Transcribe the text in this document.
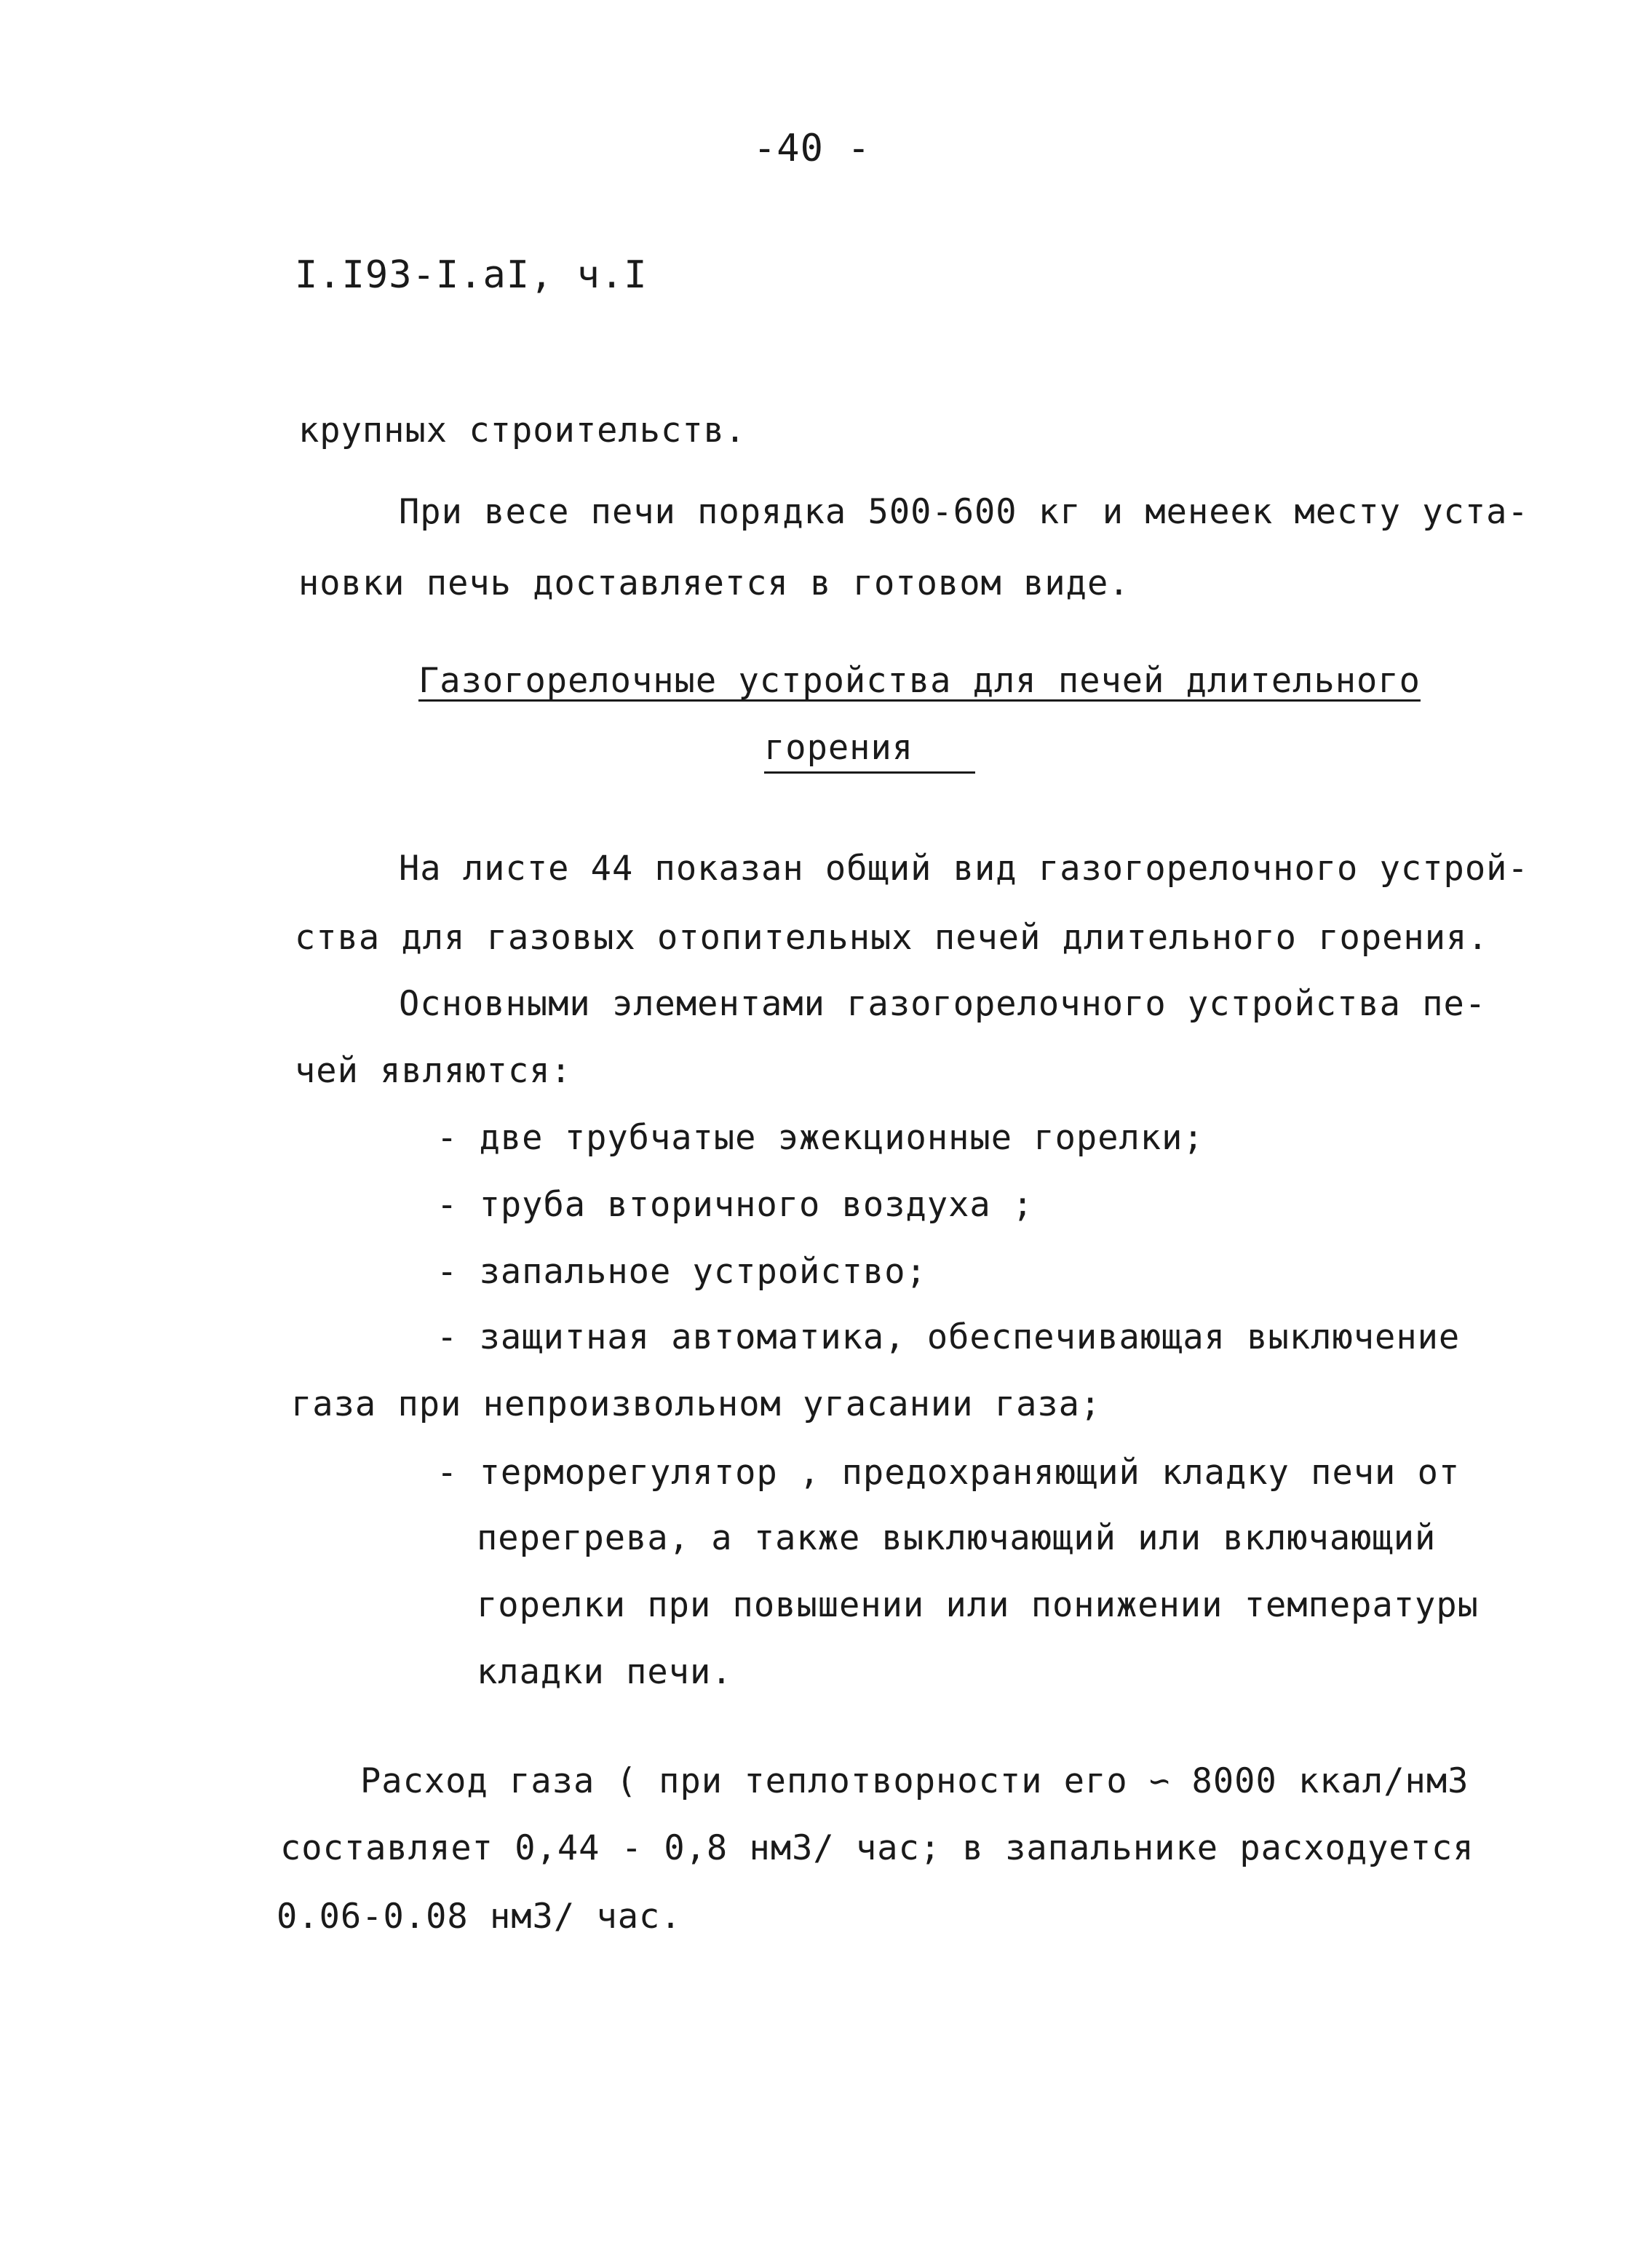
-40 -
I.I93-I.aI, ч.I
крупных строительств.
При весе печи порядка 500-600 кг и менеек месту уста-
новки печь доставляется в готовом виде.
Газогорелочные устройства для печей длительного
горения
На листе 44 показан общий вид газогорелочного устрой-
ства для газовых отопительных печей длительного горения.
Основными элементами газогорелочного устройства пе-
чей являются:
- две трубчатые эжекционные горелки;
- труба вторичного воздуха ;
- запальное устройство;
- защитная автоматика, обеспечивающая выключение
газа при непроизвольном угасании газа;
- терморегулятор , предохраняющий кладку печи от
перегрева, а также выключающий или включающий
горелки при повышении или понижении температуры
кладки печи.
Расход газа ( при теплотворности его ∽ 8000 ккал/нм3
составляет 0,44 - 0,8 нм3/ час; в запальнике расходуется
0.06-0.08 нм3/ час.
